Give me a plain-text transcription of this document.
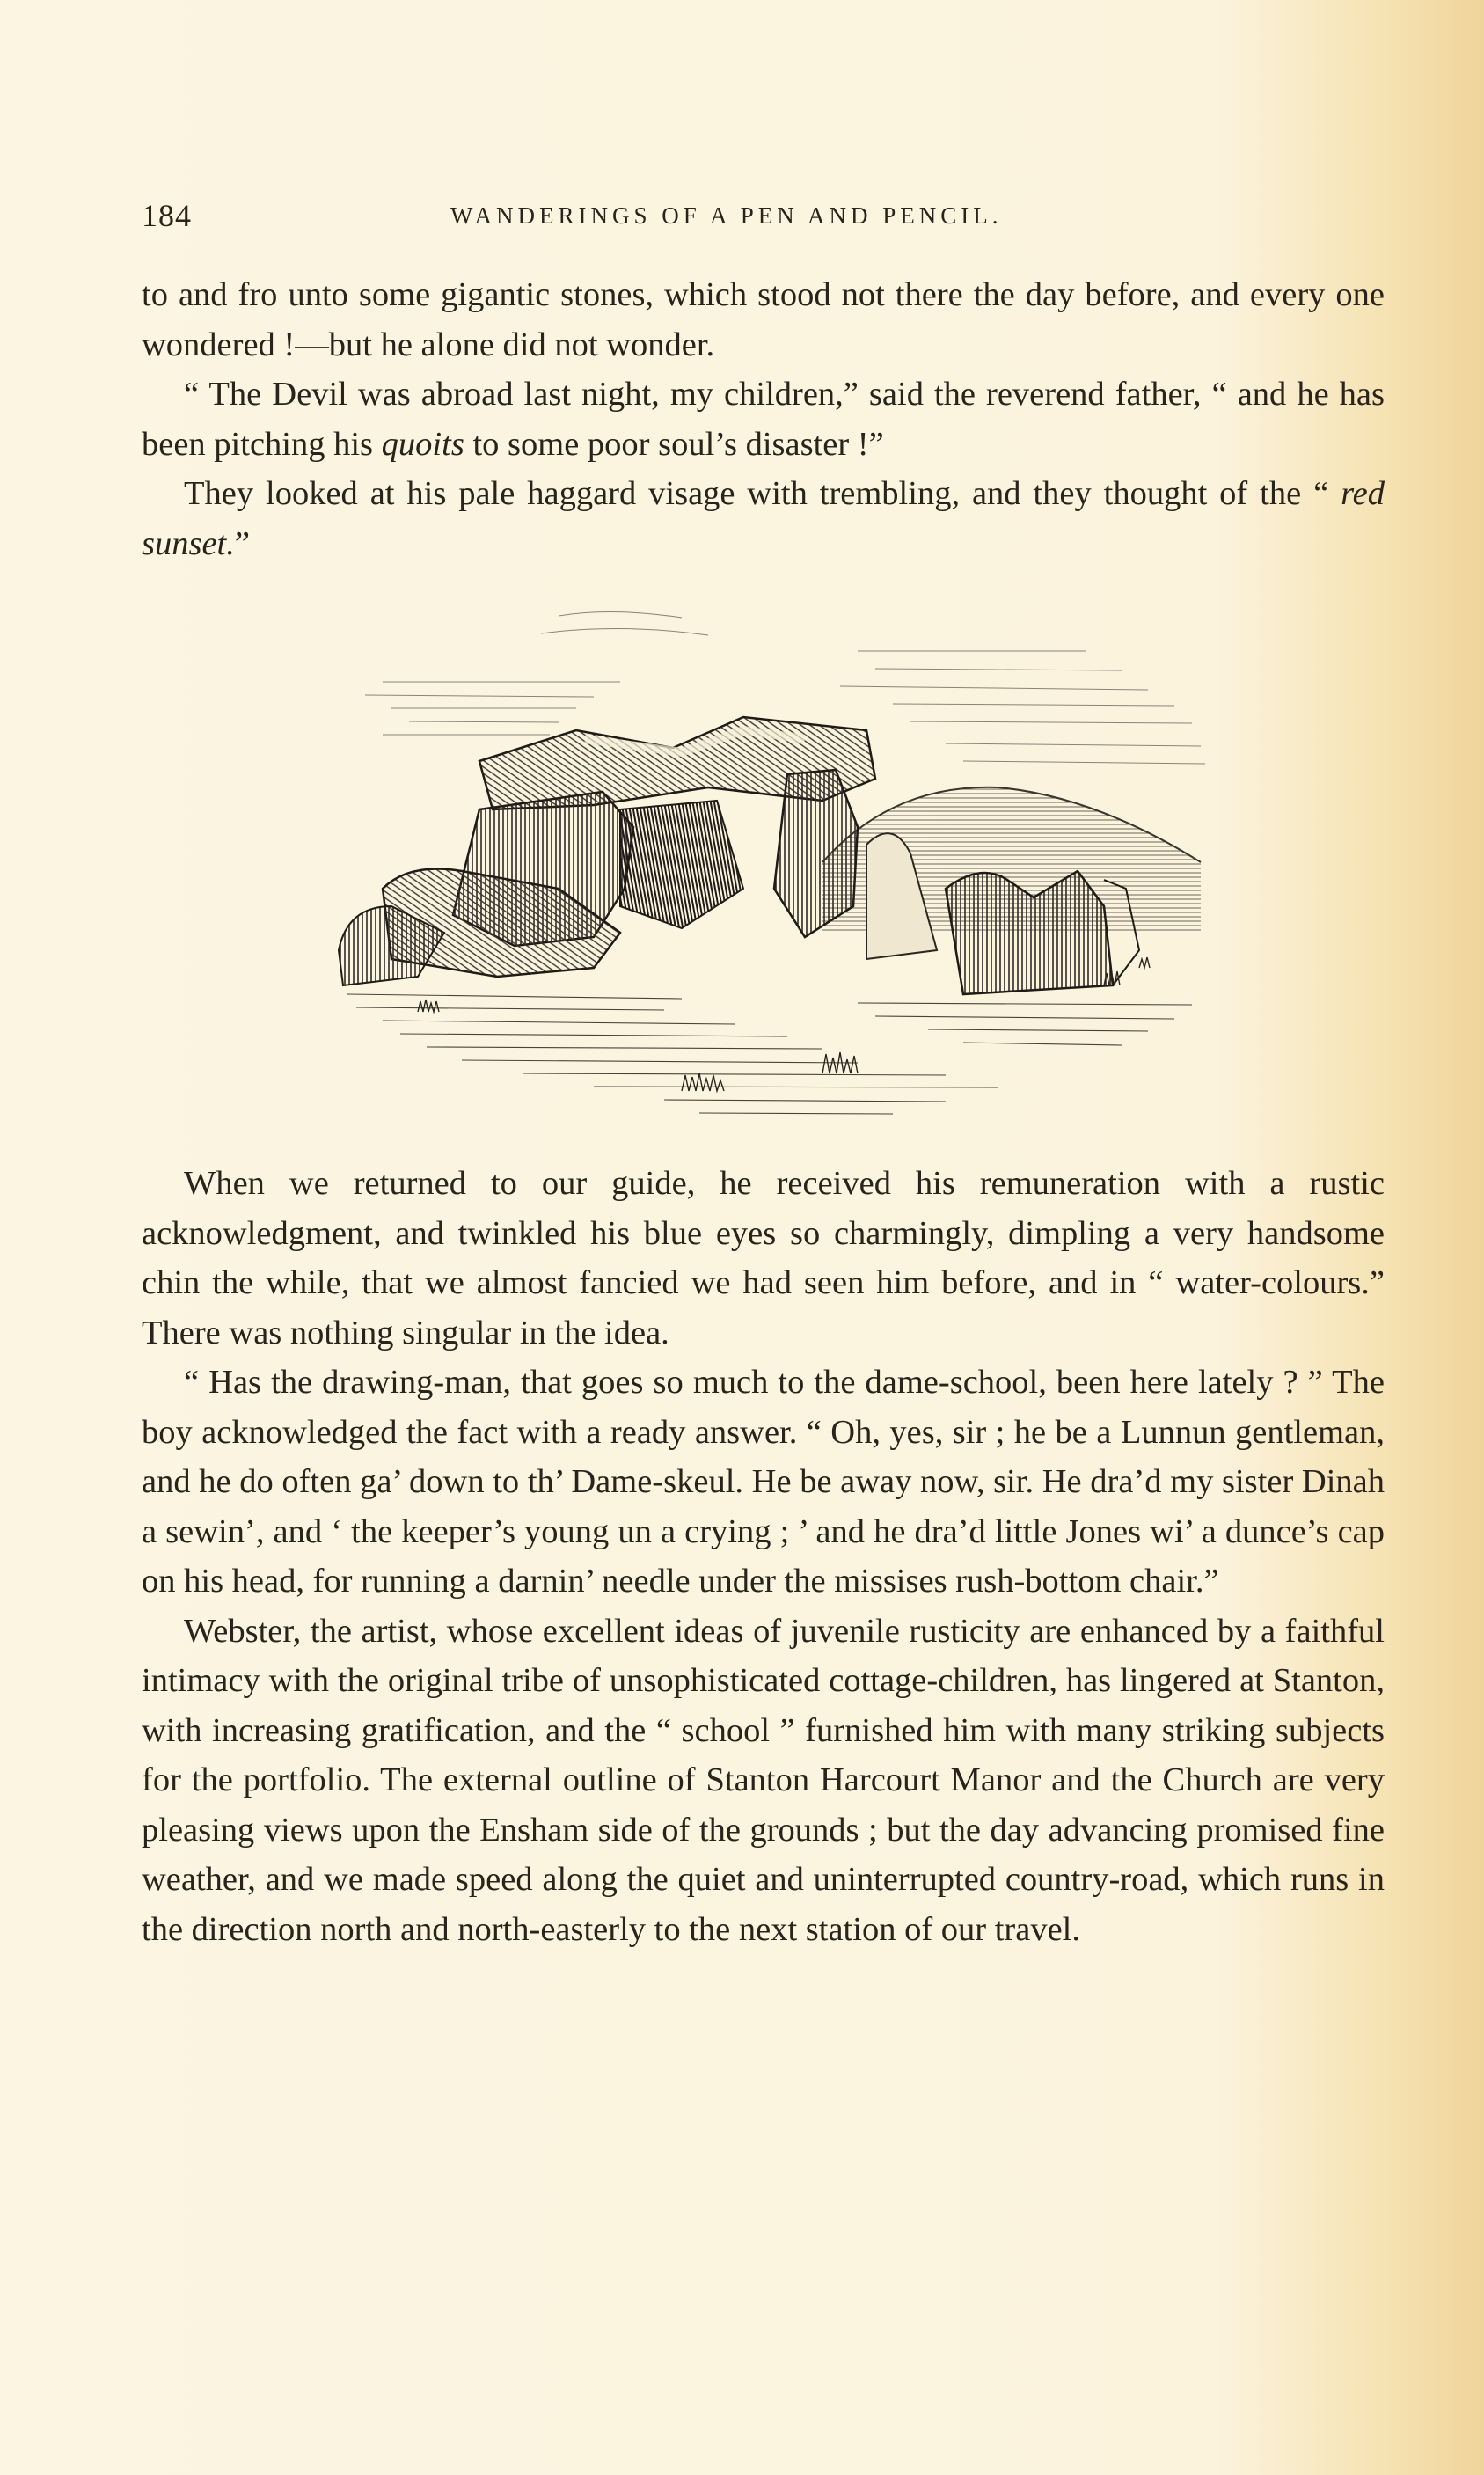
184	WANDERINGS OF A PEN AND PENCIL.

to and fro unto some gigantic stones, which stood not there the day before, and every one wondered !—but he alone did not wonder.

“ The Devil was abroad last night, my children,” said the reverend father, “ and he has been pitching his quoits to some poor soul’s disaster !”

They looked at his pale haggard visage with trembling, and they thought of the “ red sunset.”

When we returned to our guide, he received his remuneration with a rustic acknowledgment, and twinkled his blue eyes so charmingly, dimpling a very handsome chin the while, that we almost fancied we had seen him before, and in “ water-colours.” There was nothing singular in the idea.

“ Has the drawing-man, that goes so much to the dame-school, been here lately ? ” The boy acknowledged the fact with a ready answer. “ Oh, yes, sir ; he be a Lunnun gentleman, and he do often ga’ down to th’ Dame-skeul. He be away now, sir. He dra’d my sister Dinah a sewin’, and ‘ the keeper’s young un a crying ; ’ and he dra’d little Jones wi’ a dunce’s cap on his head, for running a darnin’ needle under the missises rush-bottom chair.”

Webster, the artist, whose excellent ideas of juvenile rusticity are enhanced by a faithful intimacy with the original tribe of unsophisticated cottage-children, has lingered at Stanton, with increasing gratification, and the “ school ” furnished him with many striking subjects for the portfolio. The external outline of Stanton Harcourt Manor and the Church are very pleasing views upon the Ensham side of the grounds ; but the day advancing promised fine weather, and we made speed along the quiet and uninterrupted country-road, which runs in the direction north and north-easterly to the next station of our travel.
